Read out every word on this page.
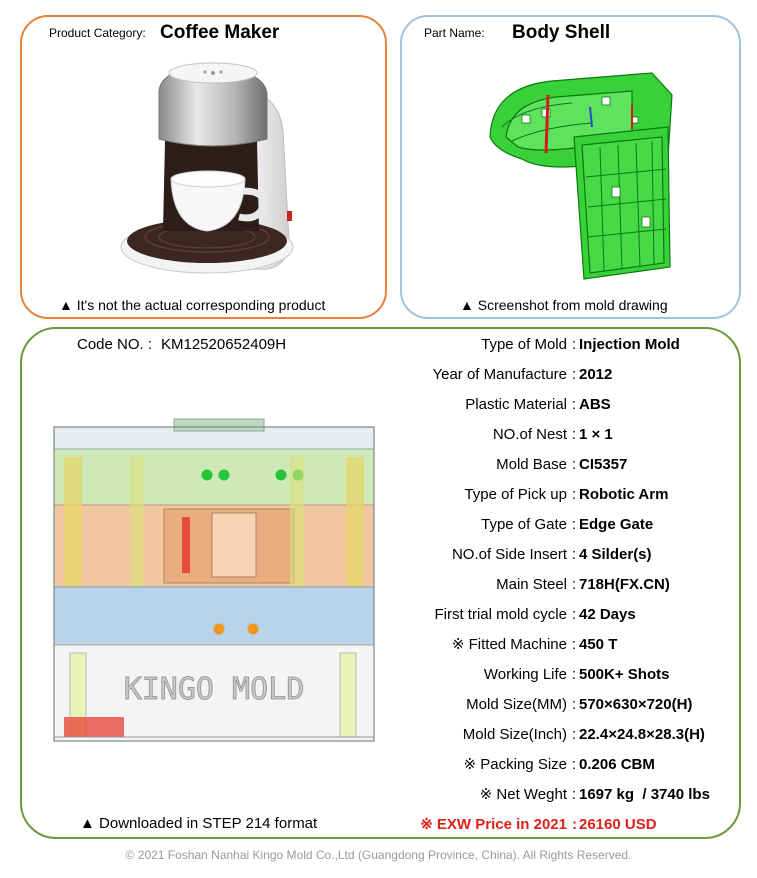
Product Category: Coffee Maker
▲ It's not the actual corresponding product
Part Name: Body Shell
▲ Screenshot from mold drawing
Code NO. : KM12520652409H
KINGO MOLD
▲ Downloaded in STEP 214 format
Type of Mold : Injection Mold
Year of Manufacture : 2012
Plastic Material : ABS
NO.of Nest : 1 × 1
Mold Base : CI5357
Type of Pick up : Robotic Arm
Type of Gate : Edge Gate
NO.of Side Insert : 4 Silder(s)
Main Steel : 718H(FX.CN)
First trial mold cycle : 42 Days
※ Fitted Machine : 450 T
Working Life : 500K+ Shots
Mold Size(MM) : 570×630×720(H)
Mold Size(Inch) : 22.4×24.8×28.3(H)
※ Packing Size : 0.206 CBM
※ Net Weght : 1697 kg  / 3740 lbs
※ EXW Price in 2021 : 26160 USD
© 2021 Foshan Nanhai Kingo Mold Co.,Ltd (Guangdong Province, China). All Rights Reserved.
